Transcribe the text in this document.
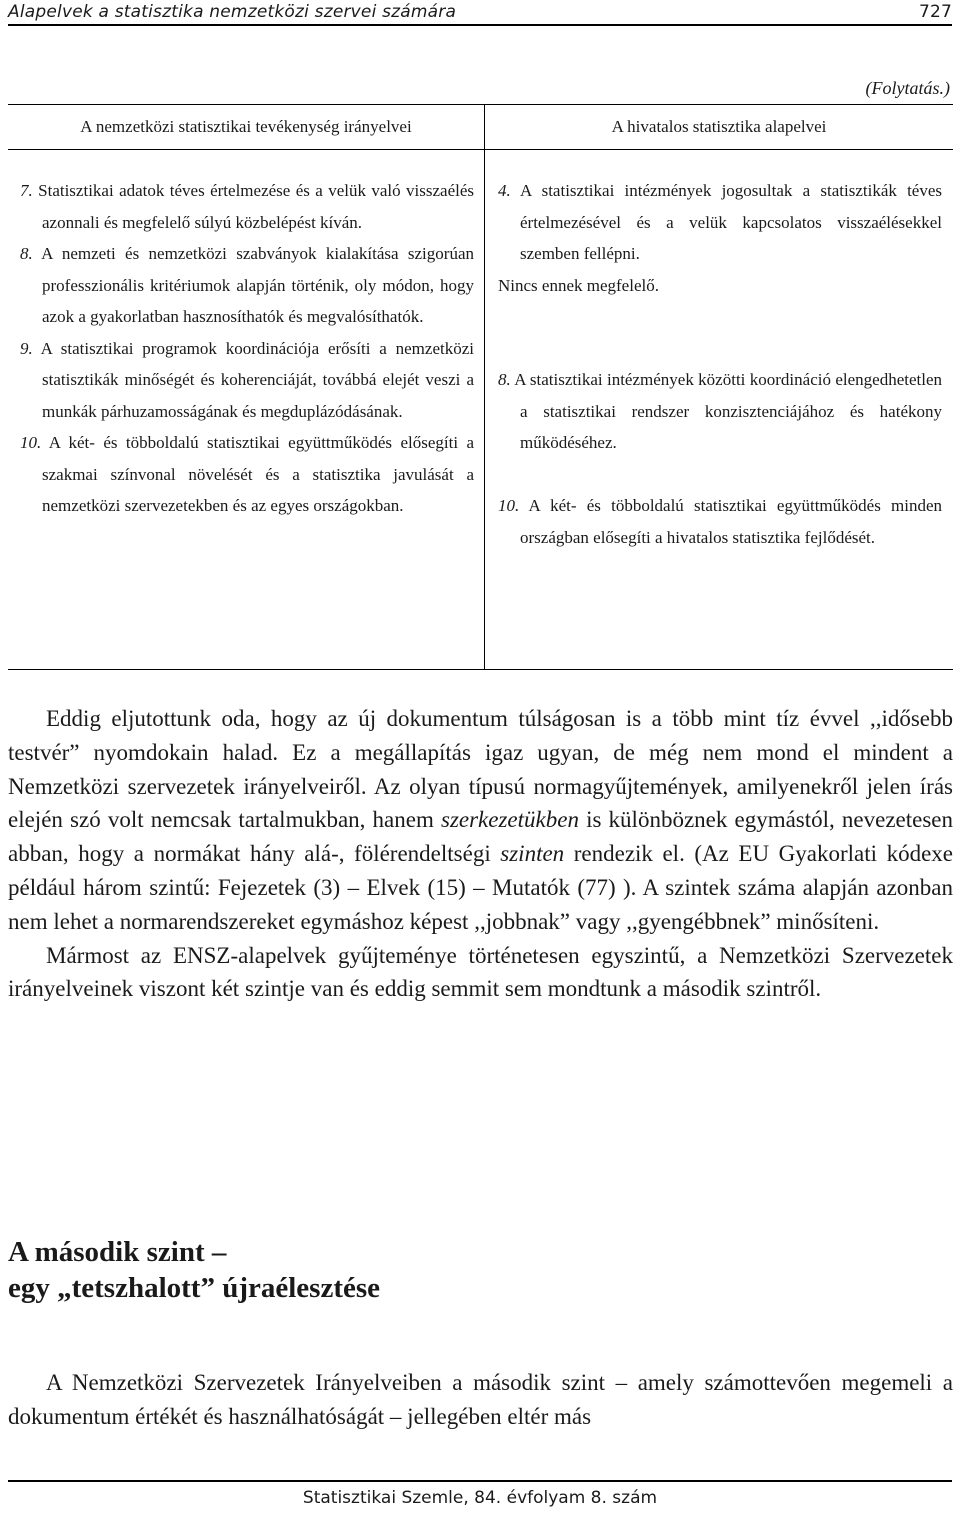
Alapelvek a statisztika nemzetközi szervei számára	727
(Folytatás.)
A nemzetközi statisztikai tevékenység irányelvei	A hivatalos statisztika alapelvei
7. Statisztikai adatok téves értelmezése és a velük való visszaélés azonnali és megfelelő súlyú közbelépést kíván.
8. A nemzeti és nemzetközi szabványok kialakítása szigorúan professzionális kritériumok alapján történik, oly módon, hogy azok a gyakorlatban hasznosíthatók és megvalósíthatók.
9. A statisztikai programok koordinációja erősíti a nemzetközi statisztikák minőségét és koherenciáját, továbbá elejét veszi a munkák párhuzamosságának és megduplázódásának.
10. A két- és többoldalú statisztikai együttműködés elősegíti a szakmai színvonal növelését és a statisztika javulását a nemzetközi szervezetekben és az egyes országokban.
4. A statisztikai intézmények jogosultak a statisztikák téves értelmezésével és a velük kapcsolatos visszaélésekkel szemben fellépni.
Nincs ennek megfelelő.
8. A statisztikai intézmények közötti koordináció elengedhetetlen a statisztikai rendszer konzisztenciájához és hatékony működéséhez.
10. A két- és többoldalú statisztikai együttműködés minden országban elősegíti a hivatalos statisztika fejlődését.

Eddig eljutottunk oda, hogy az új dokumentum túlságosan is a több mint tíz évvel ,,idősebb testvér” nyomdokain halad. Ez a megállapítás igaz ugyan, de még nem mond el mindent a Nemzetközi szervezetek irányelveiről. Az olyan típusú normagyűjtemények, amilyenekről jelen írás elején szó volt nemcsak tartalmukban, hanem szerkezetükben is különböznek egymástól, nevezetesen abban, hogy a normákat hány alá-, fölérendeltségi szinten rendezik el. (Az EU Gyakorlati kódexe például három szintű: Fejezetek (3) – Elvek (15) – Mutatók (77) ). A szintek száma alapján azonban nem lehet a normarendszereket egymáshoz képest ,,jobbnak” vagy ,,gyengébbnek” minősíteni.

Mármost az ENSZ-alapelvek gyűjteménye történetesen egyszintű, a Nemzetközi Szervezetek irányelveinek viszont két szintje van és eddig semmit sem mondtunk a második szintről.

A második szint –
egy „tetszhalott” újraélesztése

A Nemzetközi Szervezetek Irányelveiben a második szint – amely számottevően megemeli a dokumentum értékét és használhatóságát – jellegében eltér más

Statisztikai Szemle, 84. évfolyam 8. szám
